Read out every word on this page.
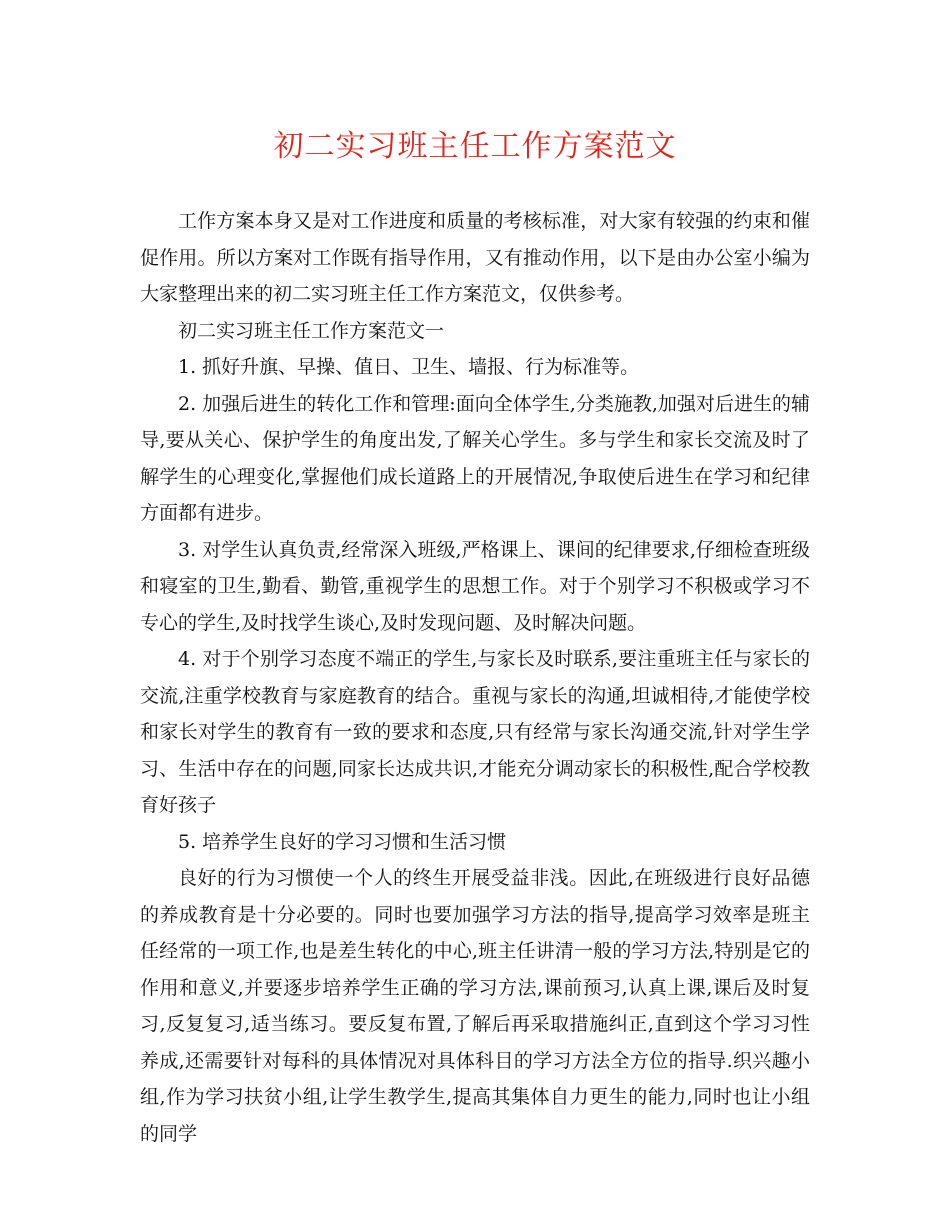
初二实习班主任工作方案范文

工作方案本身又是对工作进度和质量的考核标准，对大家有较强的约束和催促作用。所以方案对工作既有指导作用，又有推动作用，以下是由办公室小编为大家整理出来的初二实习班主任工作方案范文，仅供参考。

初二实习班主任工作方案范文一

1. 抓好升旗、早操、值日、卫生、墙报、行为标准等。

2. 加强后进生的转化工作和管理:面向全体学生,分类施教,加强对后进生的辅导,要从关心、保护学生的角度出发,了解关心学生。多与学生和家长交流及时了解学生的心理变化,掌握他们成长道路上的开展情况,争取使后进生在学习和纪律方面都有进步。

3. 对学生认真负责,经常深入班级,严格课上、课间的纪律要求,仔细检查班级和寝室的卫生,勤看、勤管,重视学生的思想工作。对于个别学习不积极或学习不专心的学生,及时找学生谈心,及时发现问题、及时解决问题。

4. 对于个别学习态度不端正的学生,与家长及时联系,要注重班主任与家长的交流,注重学校教育与家庭教育的结合。重视与家长的沟通,坦诚相待,才能使学校和家长对学生的教育有一致的要求和态度,只有经常与家长沟通交流,针对学生学习、生活中存在的问题,同家长达成共识,才能充分调动家长的积极性,配合学校教育好孩子

5. 培养学生良好的学习习惯和生活习惯

良好的行为习惯使一个人的终生开展受益非浅。因此,在班级进行良好品德的养成教育是十分必要的。同时也要加强学习方法的指导,提高学习效率是班主任经常的一项工作,也是差生转化的中心,班主任讲清一般的学习方法,特别是它的作用和意义,并要逐步培养学生正确的学习方法,课前预习,认真上课,课后及时复习,反复复习,适当练习。要反复布置,了解后再采取措施纠正,直到这个学习习性养成,还需要针对每科的具体情况对具体科目的学习方法全方位的指导.织兴趣小组,作为学习扶贫小组,让学生教学生,提高其集体自力更生的能力,同时也让小组的同学
